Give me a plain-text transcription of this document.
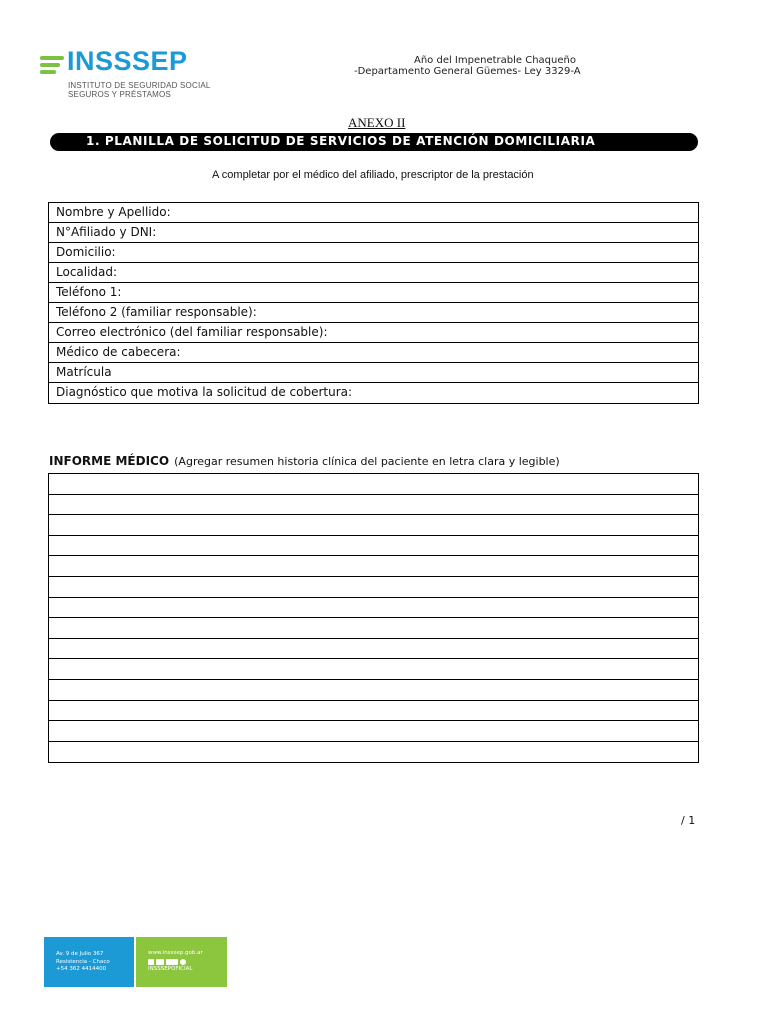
INSSSEP
INSTITUTO DE SEGURIDAD SOCIAL
SEGUROS Y PRÉSTAMOS
Año del Impenetrable Chaqueño
-Departamento General Güemes- Ley 3329-A
ANEXO II
1. PLANILLA DE SOLICITUD DE SERVICIOS DE ATENCIÓN DOMICILIARIA
A completar por el médico del afiliado, prescriptor de la prestación
Nombre y Apellido:
N°Afiliado y DNI:
Domicilio:
Localidad:
Teléfono 1:
Teléfono 2 (familiar responsable):
Correo electrónico (del familiar responsable):
Médico de cabecera:
Matrícula
Diagnóstico que motiva la solicitud de cobertura:
INFORME MÉDICO (Agregar resumen historia clínica del paciente en letra clara y legible)
/ 1
Av. 9 de Julio 367
Resistencia - Chaco
+54 362 4414400
www.insssep.gob.ar
INSSSEPOFICIAL
